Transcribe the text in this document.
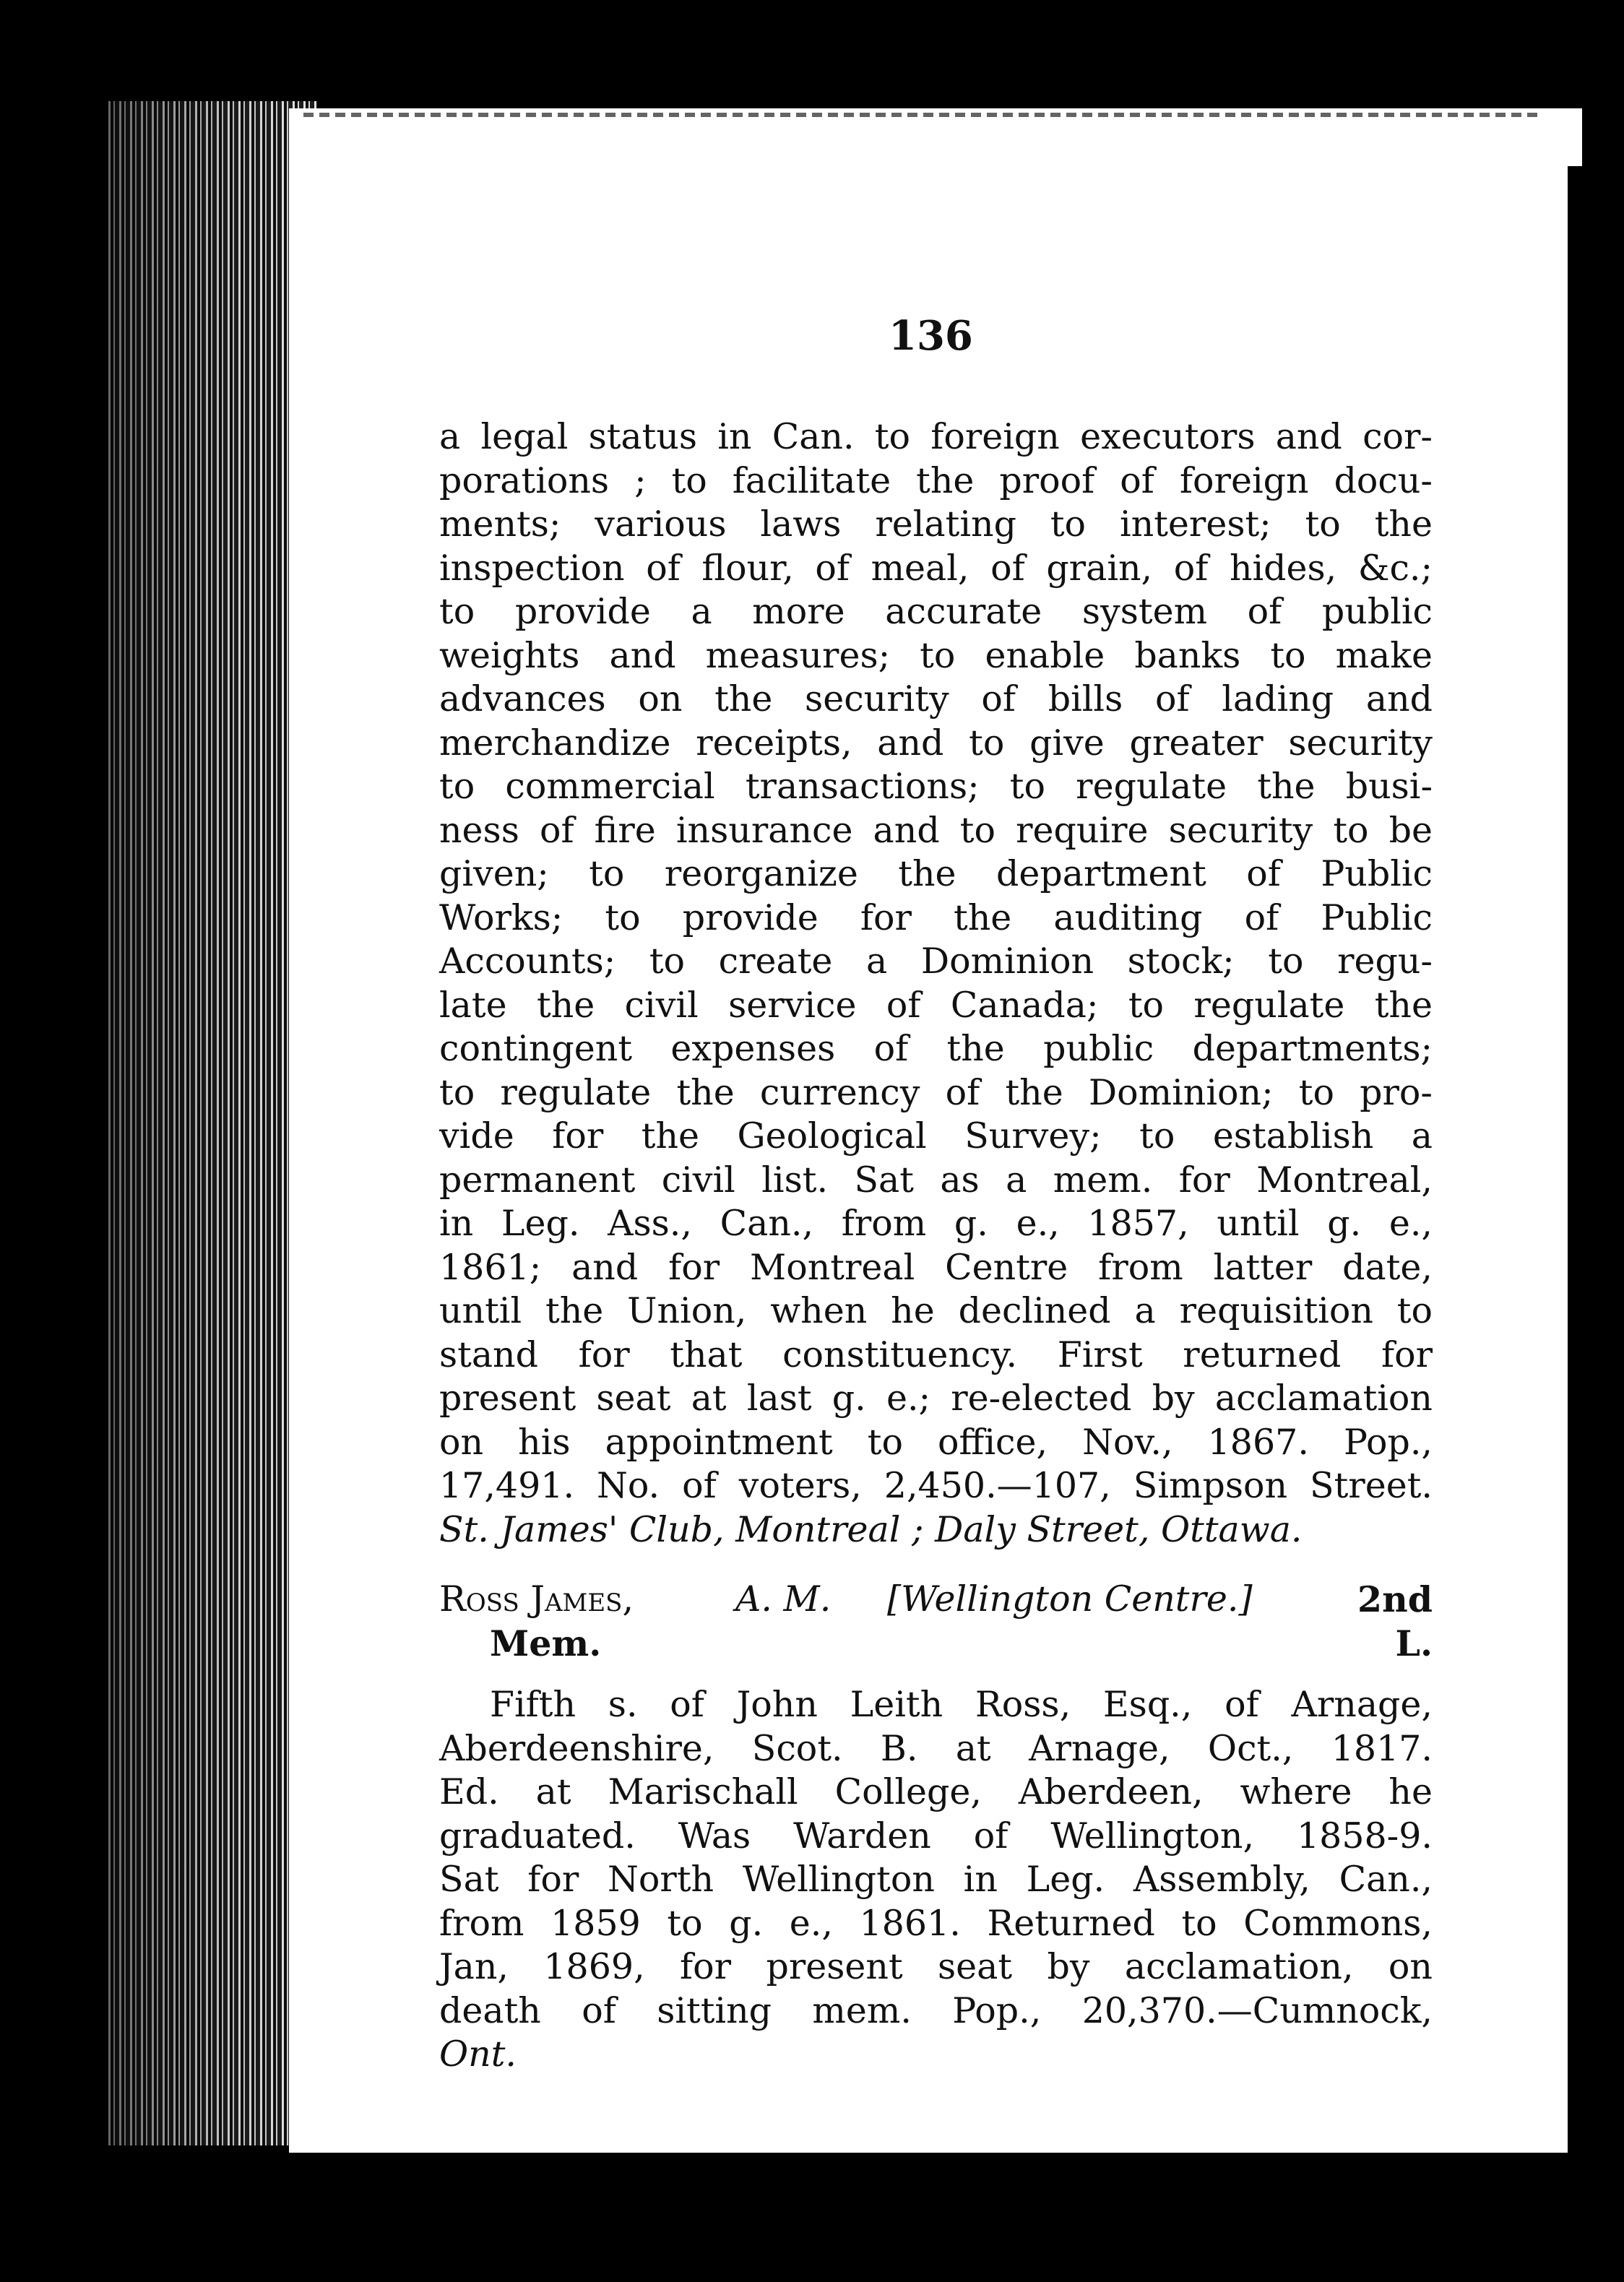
136
a legal status in Can. to foreign executors and cor-
porations ; to facilitate the proof of foreign docu-
ments; various laws relating to interest; to the
inspection of flour, of meal, of grain, of hides, &c.;
to provide a more accurate system of public
weights and measures; to enable banks to make
advances on the security of bills of lading and
merchandize receipts, and to give greater security
to commercial transactions; to regulate the busi-
ness of fire insurance and to require security to be
given; to reorganize the department of Public
Works; to provide for the auditing of Public
Accounts; to create a Dominion stock; to regu-
late the civil service of Canada; to regulate the
contingent expenses of the public departments;
to regulate the currency of the Dominion; to pro-
vide for the Geological Survey; to establish a
permanent civil list. Sat as a mem. for Montreal,
in Leg. Ass., Can., from g. e., 1857, until g. e.,
1861; and for Montreal Centre from latter date,
until the Union, when he declined a requisition to
stand for that constituency. First returned for
present seat at last g. e.; re-elected by acclamation
on his appointment to office, Nov., 1867. Pop.,
17,491. No. of voters, 2,450.—107, Simpson Street.
St. James' Club, Montreal ; Daly Street, Ottawa.
Ross James,	A. M. [Wellington Centre.]	2nd
Mem.	L.
Fifth s. of John Leith Ross, Esq., of Arnage,
Aberdeenshire, Scot. B. at Arnage, Oct., 1817.
Ed. at Marischall College, Aberdeen, where he
graduated. Was Warden of Wellington, 1858-9.
Sat for North Wellington in Leg. Assembly, Can.,
from 1859 to g. e., 1861. Returned to Commons,
Jan, 1869, for present seat by acclamation, on
death of sitting mem. Pop., 20,370.—Cumnock,
Ont.
